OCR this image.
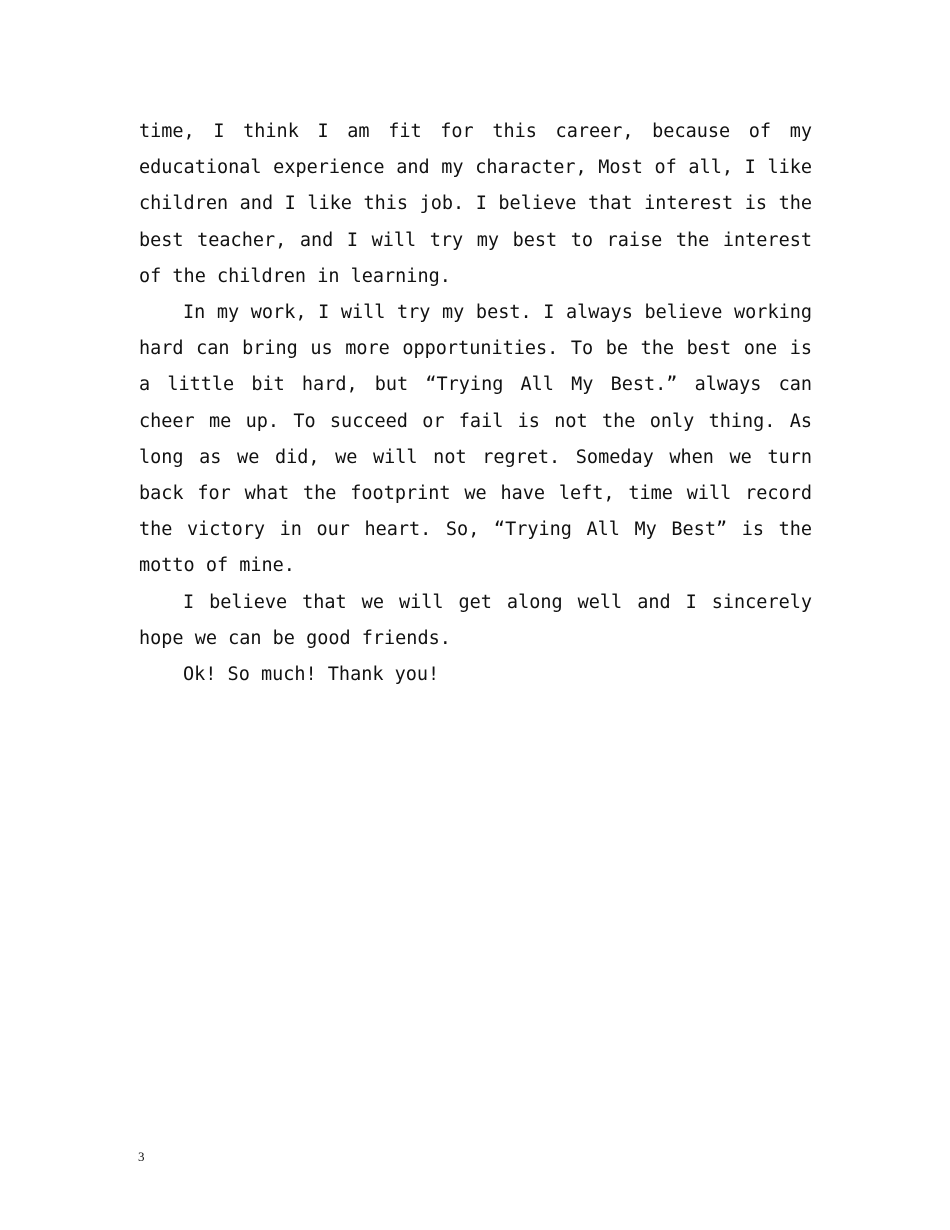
time, I think I am fit for this career, because of my educational experience and my character, Most of all, I like children and I like this job. I believe that interest is the best teacher, and I will try my best to raise the interest of the children in learning.

In my work, I will try my best. I always believe working hard can bring us more opportunities. To be the best one is a little bit hard, but “Trying All My Best.” always can cheer me up. To succeed or fail is not the only thing. As long as we did, we will not regret. Someday when we turn back for what the footprint we have left, time will record the victory in our heart. So, “Trying All My Best” is the motto of mine.

I believe that we will get along well and I sincerely hope we can be good friends.

Ok! So much! Thank you!

3
